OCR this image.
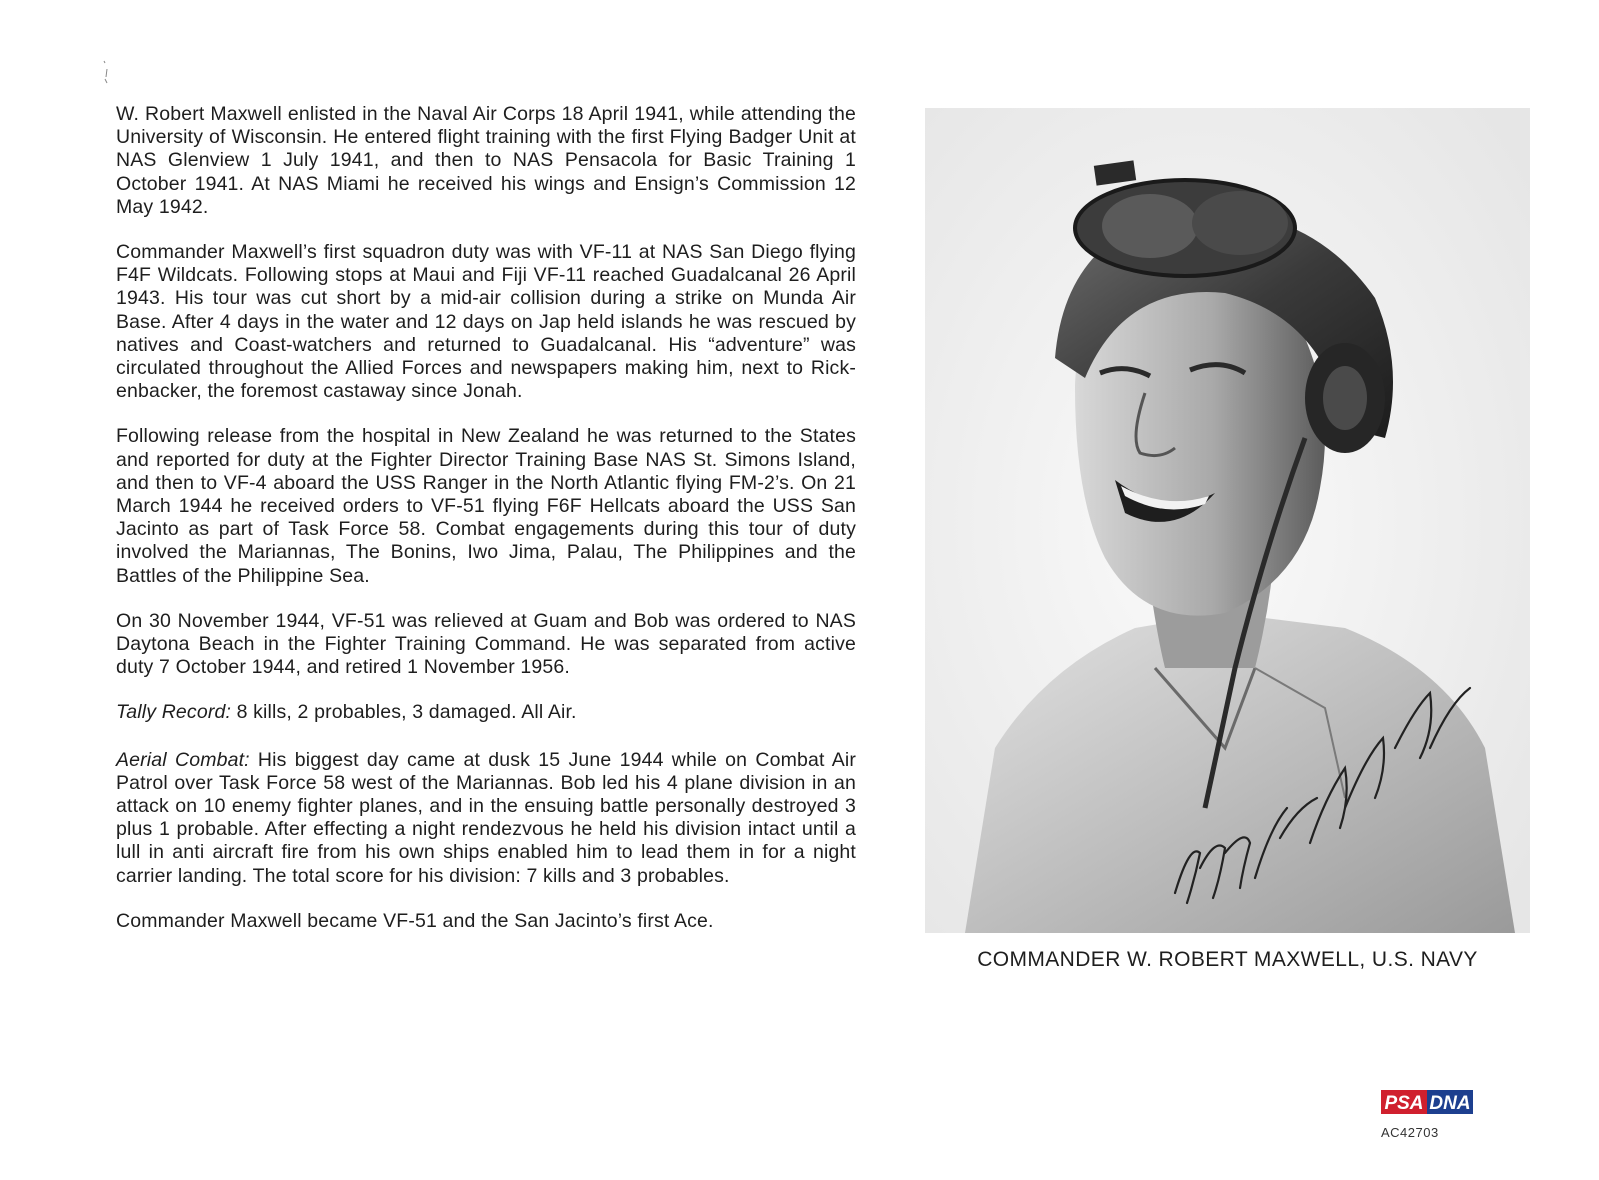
W. Robert Maxwell enlisted in the Naval Air Corps 18 April 1941, while attending the University of Wisconsin. He entered flight training with the first Flying Badger Unit at NAS Glenview 1 July 1941, and then to NAS Pensacola for Basic Training 1 October 1941. At NAS Miami he received his wings and Ensign’s Commission 12 May 1942.

Commander Maxwell’s first squadron duty was with VF-11 at NAS San Diego flying F4F Wildcats. Following stops at Maui and Fiji VF-11 reached Guadalcanal 26 April 1943. His tour was cut short by a mid-air collision during a strike on Munda Air Base. After 4 days in the water and 12 days on Jap held islands he was rescued by natives and Coast-watchers and returned to Guadalcanal. His “adventure” was circulated throughout the Allied Forces and newspapers making him, next to Rick-enbacker, the foremost castaway since Jonah.

Following release from the hospital in New Zealand he was returned to the States and reported for duty at the Fighter Director Training Base NAS St. Simons Island, and then to VF-4 aboard the USS Ranger in the North Atlantic flying FM-2’s. On 21 March 1944 he received orders to VF-51 flying F6F Hellcats aboard the USS San Jacinto as part of Task Force 58. Combat engagements during this tour of duty involved the Mariannas, The Bonins, Iwo Jima, Palau, The Philippines and the Battles of the Philippine Sea.

On 30 November 1944, VF-51 was relieved at Guam and Bob was ordered to NAS Daytona Beach in the Fighter Training Command. He was separated from active duty 7 October 1944, and retired 1 November 1956.

Tally Record: 8 kills, 2 probables, 3 damaged. All Air.

Aerial Combat: His biggest day came at dusk 15 June 1944 while on Combat Air Patrol over Task Force 58 west of the Mariannas. Bob led his 4 plane division in an attack on 10 enemy fighter planes, and in the ensuing battle personally destroyed 3 plus 1 probable. After effecting a night rendezvous he held his division intact until a lull in anti aircraft fire from his own ships enabled him to lead them in for a night carrier landing. The total score for his division: 7 kills and 3 probables.

Commander Maxwell became VF-51 and the San Jacinto’s first Ace.

COMMANDER W. ROBERT MAXWELL, U.S. NAVY
PSA DNA
AC42703
